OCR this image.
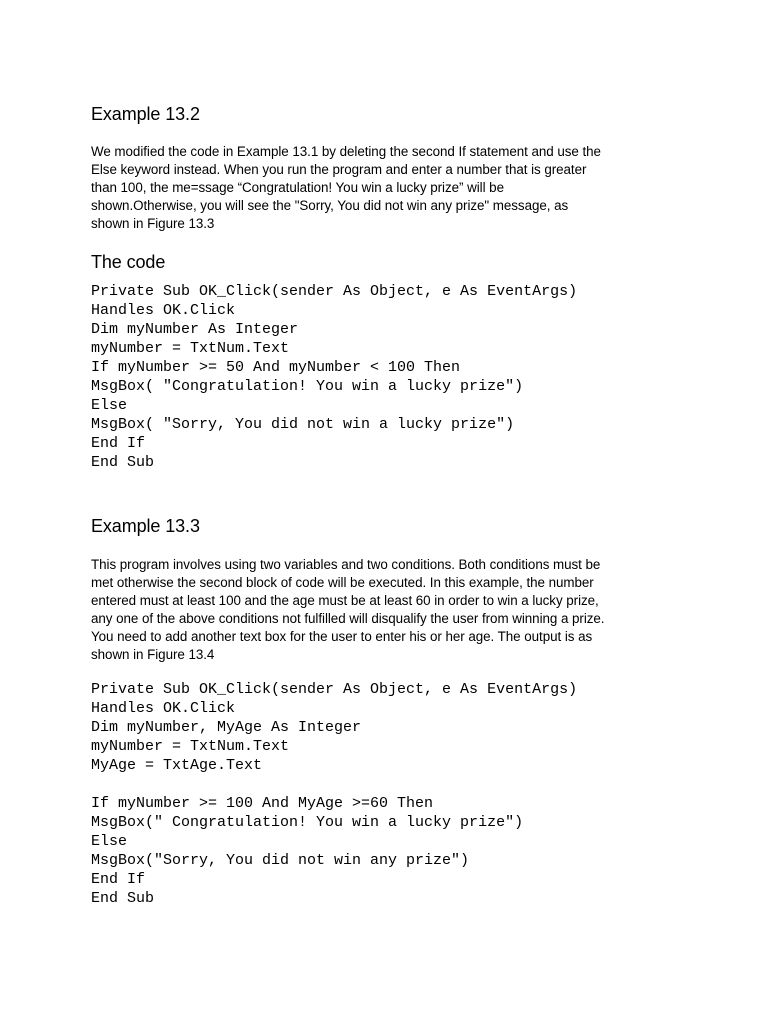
Example 13.2

We modified the code in Example 13.1 by deleting the second If statement and use the
Else keyword instead. When you run the program and enter a number that is greater
than 100, the me=ssage “Congratulation! You win a lucky prize” will be
shown.Otherwise, you will see the "Sorry, You did not win any prize" message, as
shown in Figure 13.3

The code
Private Sub OK_Click(sender As Object, e As EventArgs)
Handles OK.Click
Dim myNumber As Integer
myNumber = TxtNum.Text
If myNumber >= 50 And myNumber < 100 Then
MsgBox( "Congratulation! You win a lucky prize")
Else
MsgBox( "Sorry, You did not win a lucky prize")
End If
End Sub
Example 13.3

This program involves using two variables and two conditions. Both conditions must be
met otherwise the second block of code will be executed. In this example, the number
entered must at least 100 and the age must be at least 60 in order to win a lucky prize,
any one of the above conditions not fulfilled will disqualify the user from winning a prize.
You need to add another text box for the user to enter his or her age. The output is as
shown in Figure 13.4

Private Sub OK_Click(sender As Object, e As EventArgs)
Handles OK.Click
Dim myNumber, MyAge As Integer
myNumber = TxtNum.Text
MyAge = TxtAge.Text
If myNumber >= 100 And MyAge >=60 Then
MsgBox(" Congratulation! You win a lucky prize")
Else
MsgBox("Sorry, You did not win any prize")
End If
End Sub
